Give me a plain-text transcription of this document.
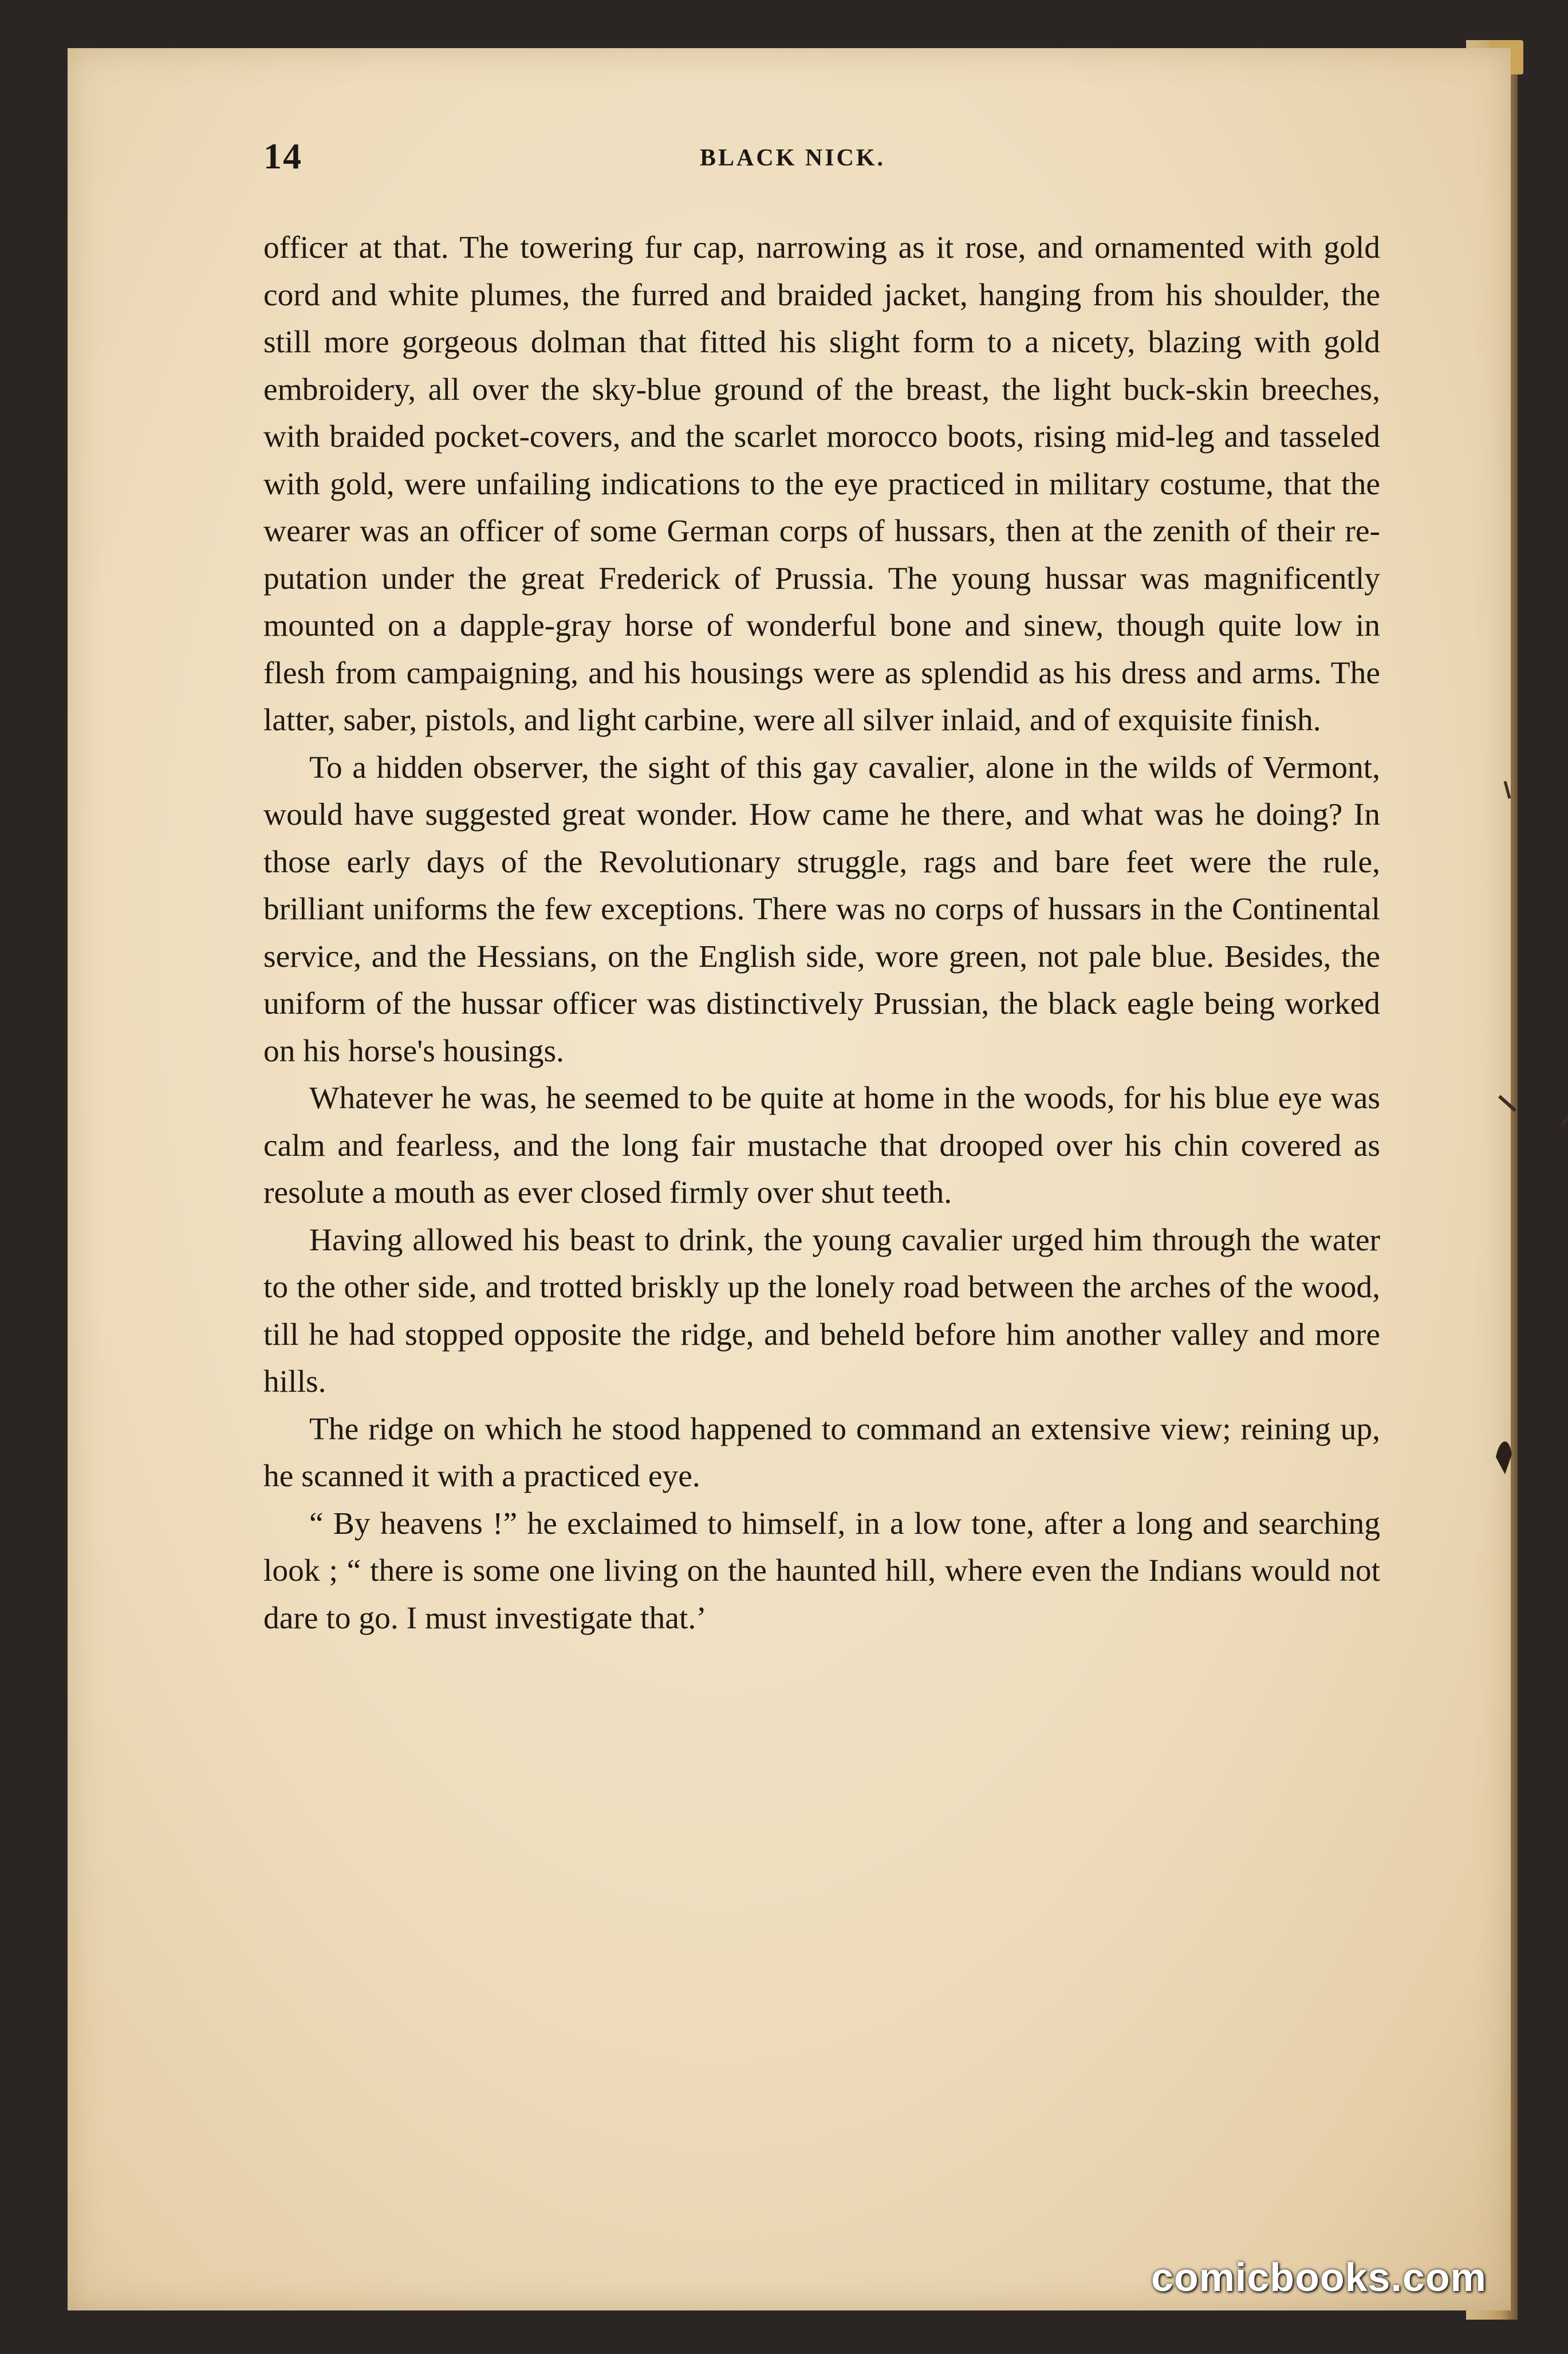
14	BLACK NICK.

officer at that. The towering fur cap, narrowing as it rose, and ornamented with gold cord and white plumes, the furred and braided jacket, hanging from his shoulder, the still more gorgeous dolman that fitted his slight form to a nicety, blazing with gold embroidery, all over the sky-blue ground of the breast, the light buck-skin breeches, with braided pocket-covers, and the scarlet morocco boots, rising mid-leg and tasseled with gold, were unfailing indications to the eye practiced in military costume, that the wearer was an officer of some German corps of hussars, then at the zenith of their reputation under the great Frederick of Prussia. The young hussar was magnificently mounted on a dapple-gray horse of wonderful bone and sinew, though quite low in flesh from campaigning, and his housings were as splendid as his dress and arms. The latter, saber, pistols, and light carbine, were all silver inlaid, and of exquisite finish.

To a hidden observer, the sight of this gay cavalier, alone in the wilds of Vermont, would have suggested great wonder. How came he there, and what was he doing? In those early days of the Revolutionary struggle, rags and bare feet were the rule, brilliant uniforms the few exceptions. There was no corps of hussars in the Continental service, and the Hessians, on the English side, wore green, not pale blue. Besides, the uniform of the hussar officer was distinctively Prussian, the black eagle being worked on his horse's housings.

Whatever he was, he seemed to be quite at home in the woods, for his blue eye was calm and fearless, and the long fair mustache that drooped over his chin covered as resolute a mouth as ever closed firmly over shut teeth.

Having allowed his beast to drink, the young cavalier urged him through the water to the other side, and trotted briskly up the lonely road between the arches of the wood, till he had stopped opposite the ridge, and beheld before him another valley and more hills.

The ridge on which he stood happened to command an extensive view; reining up, he scanned it with a practiced eye.

“ By heavens !” he exclaimed to himself, in a low tone, after a long and searching look ; “ there is some one living on the haunted hill, where even the Indians would not dare to go. I must investigate that.’

comicbooks.com
